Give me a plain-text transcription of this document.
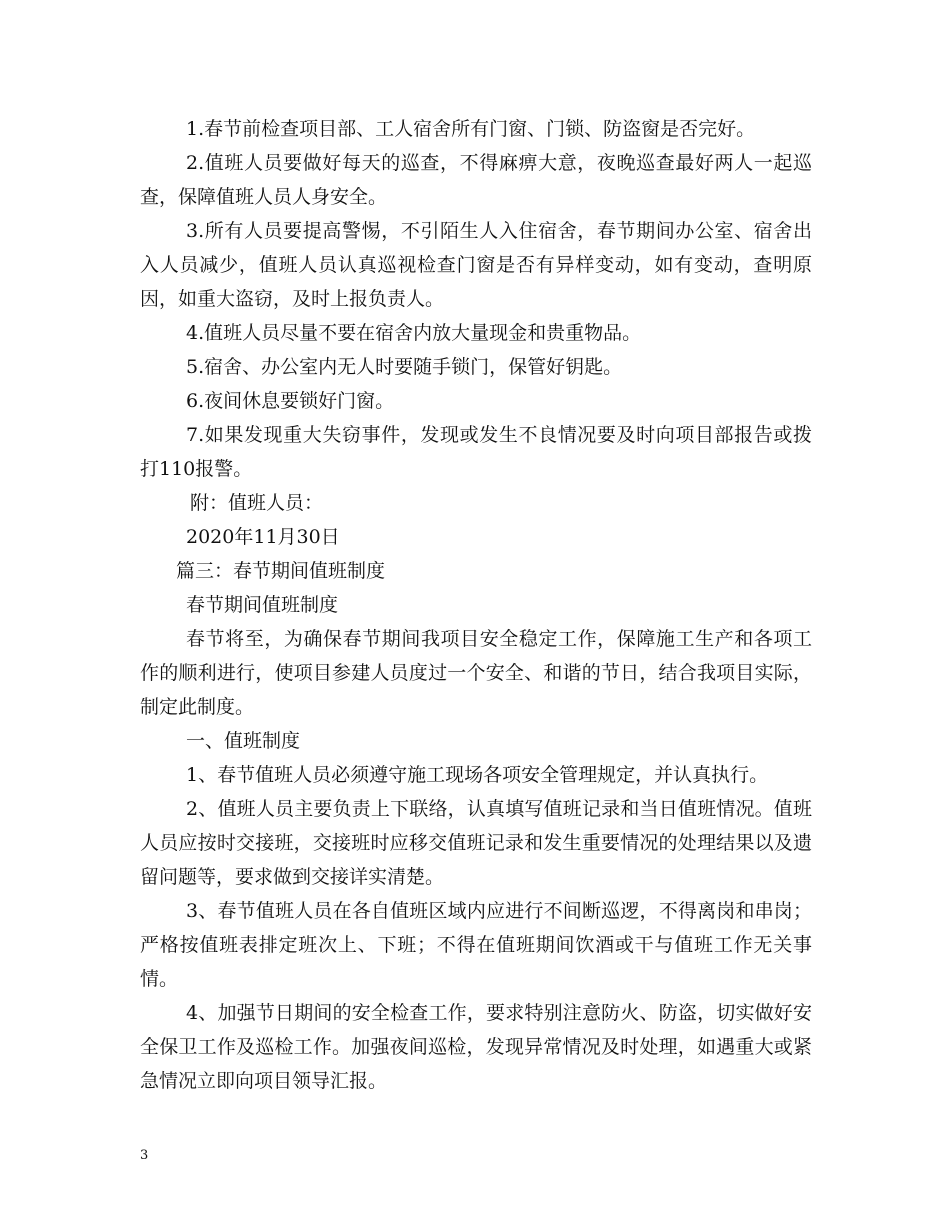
1.春节前检查项目部、工人宿舍所有门窗、门锁、防盗窗是否完好。

2.值班人员要做好每天的巡查，不得麻痹大意，夜晚巡查最好两人一起巡查，保障值班人员人身安全。

3.所有人员要提高警惕，不引陌生人入住宿舍，春节期间办公室、宿舍出入人员减少，值班人员认真巡视检查门窗是否有异样变动，如有变动，查明原因，如重大盗窃，及时上报负责人。

4.值班人员尽量不要在宿舍内放大量现金和贵重物品。

5.宿舍、办公室内无人时要随手锁门，保管好钥匙。

6.夜间休息要锁好门窗。

7.如果发现重大失窃事件，发现或发生不良情况要及时向项目部报告或拨打110报警。

附：值班人员：

2020年11月30日

篇三：春节期间值班制度

春节期间值班制度

春节将至，为确保春节期间我项目安全稳定工作，保障施工生产和各项工作的顺利进行，使项目参建人员度过一个安全、和谐的节日，结合我项目实际，制定此制度。

一、值班制度

1、春节值班人员必须遵守施工现场各项安全管理规定，并认真执行。

2、值班人员主要负责上下联络，认真填写值班记录和当日值班情况。值班人员应按时交接班，交接班时应移交值班记录和发生重要情况的处理结果以及遗留问题等，要求做到交接详实清楚。

3、春节值班人员在各自值班区域内应进行不间断巡逻，不得离岗和串岗；严格按值班表排定班次上、下班；不得在值班期间饮酒或干与值班工作无关事情。

4、加强节日期间的安全检查工作，要求特别注意防火、防盗，切实做好安全保卫工作及巡检工作。加强夜间巡检，发现异常情况及时处理，如遇重大或紧急情况立即向项目领导汇报。

3
